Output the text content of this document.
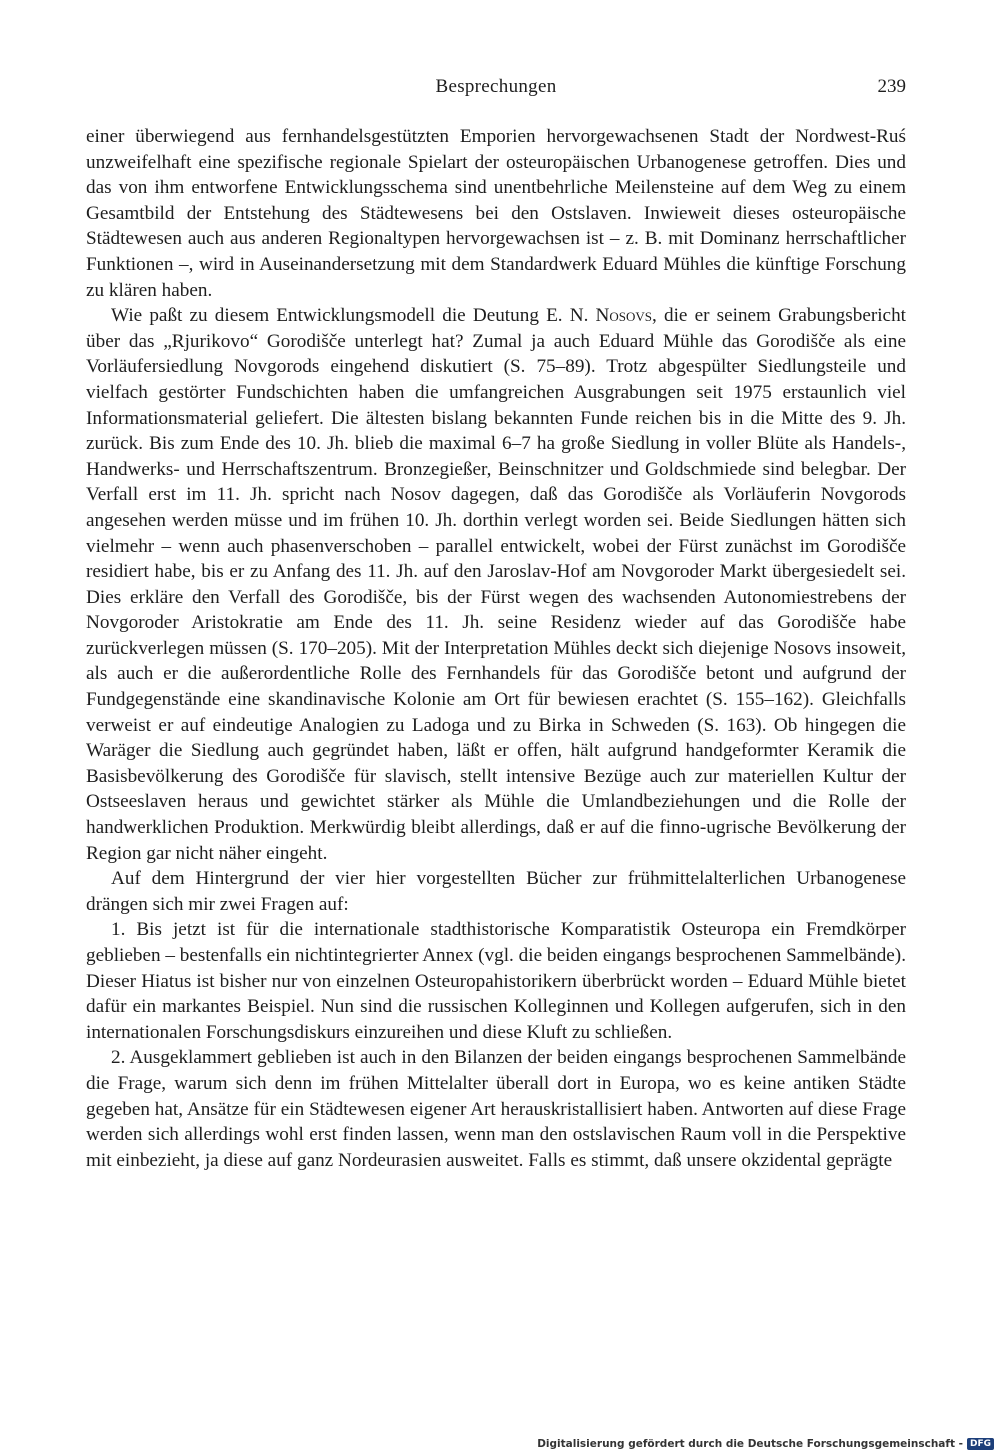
Besprechungen	239

einer überwiegend aus fernhandelsgestützten Emporien hervorgewachsenen Stadt der Nordwest-Ruś unzweifelhaft eine spezifische regionale Spielart der osteuropäischen Urbanogenese getroffen. Dies und das von ihm entworfene Entwicklungsschema sind unentbehrliche Meilensteine auf dem Weg zu einem Gesamtbild der Entstehung des Städtewesens bei den Ostslaven. Inwieweit dieses osteuropäische Städtewesen auch aus anderen Regionaltypen hervorgewachsen ist – z. B. mit Dominanz herrschaftlicher Funktionen –, wird in Auseinandersetzung mit dem Standardwerk Eduard Mühles die künftige Forschung zu klären haben.

Wie paßt zu diesem Entwicklungsmodell die Deutung E. N. Nosovs, die er seinem Grabungsbericht über das „Rjurikovo“ Gorodišče unterlegt hat? Zumal ja auch Eduard Mühle das Gorodišče als eine Vorläufersiedlung Novgorods eingehend diskutiert (S. 75–89). Trotz abgespülter Siedlungsteile und vielfach gestörter Fundschichten haben die umfangreichen Ausgrabungen seit 1975 erstaunlich viel Informationsmaterial geliefert. Die ältesten bislang bekannten Funde reichen bis in die Mitte des 9. Jh. zurück. Bis zum Ende des 10. Jh. blieb die maximal 6–7 ha große Siedlung in voller Blüte als Handels-, Handwerks- und Herrschaftszentrum. Bronzegießer, Beinschnitzer und Goldschmiede sind belegbar. Der Verfall erst im 11. Jh. spricht nach Nosov dagegen, daß das Gorodišče als Vorläuferin Novgorods angesehen werden müsse und im frühen 10. Jh. dorthin verlegt worden sei. Beide Siedlungen hätten sich vielmehr – wenn auch phasenverschoben – parallel entwickelt, wobei der Fürst zunächst im Gorodišče residiert habe, bis er zu Anfang des 11. Jh. auf den Jaroslav-Hof am Novgoroder Markt übergesiedelt sei. Dies erkläre den Verfall des Gorodišče, bis der Fürst wegen des wachsenden Autonomiestrebens der Novgoroder Aristokratie am Ende des 11. Jh. seine Residenz wieder auf das Gorodišče habe zurückverlegen müssen (S. 170–205). Mit der Interpretation Mühles deckt sich diejenige Nosovs insoweit, als auch er die außerordentliche Rolle des Fernhandels für das Gorodišče betont und aufgrund der Fundgegenstände eine skandinavische Kolonie am Ort für bewiesen erachtet (S. 155–162). Gleichfalls verweist er auf eindeutige Analogien zu Ladoga und zu Birka in Schweden (S. 163). Ob hingegen die Waräger die Siedlung auch gegründet haben, läßt er offen, hält aufgrund handgeformter Keramik die Basisbevölkerung des Gorodišče für slavisch, stellt intensive Bezüge auch zur materiellen Kultur der Ostseeslaven heraus und gewichtet stärker als Mühle die Umlandbeziehungen und die Rolle der handwerklichen Produktion. Merkwürdig bleibt allerdings, daß er auf die finno-ugrische Bevölkerung der Region gar nicht näher eingeht.

Auf dem Hintergrund der vier hier vorgestellten Bücher zur frühmittelalterlichen Urbanogenese drängen sich mir zwei Fragen auf:

1. Bis jetzt ist für die internationale stadthistorische Komparatistik Osteuropa ein Fremdkörper geblieben – bestenfalls ein nichtintegrierter Annex (vgl. die beiden eingangs besprochenen Sammelbände). Dieser Hiatus ist bisher nur von einzelnen Osteuropahistorikern überbrückt worden – Eduard Mühle bietet dafür ein markantes Beispiel. Nun sind die russischen Kolleginnen und Kollegen aufgerufen, sich in den internationalen Forschungsdiskurs einzureihen und diese Kluft zu schließen.

2. Ausgeklammert geblieben ist auch in den Bilanzen der beiden eingangs besprochenen Sammelbände die Frage, warum sich denn im frühen Mittelalter überall dort in Europa, wo es keine antiken Städte gegeben hat, Ansätze für ein Städtewesen eigener Art herauskristallisiert haben. Antworten auf diese Frage werden sich allerdings wohl erst finden lassen, wenn man den ostslavischen Raum voll in die Perspektive mit einbezieht, ja diese auf ganz Nordeurasien ausweitet. Falls es stimmt, daß unsere okzidental geprägte

Digitalisierung gefördert durch die Deutsche Forschungsgemeinschaft - DFG
